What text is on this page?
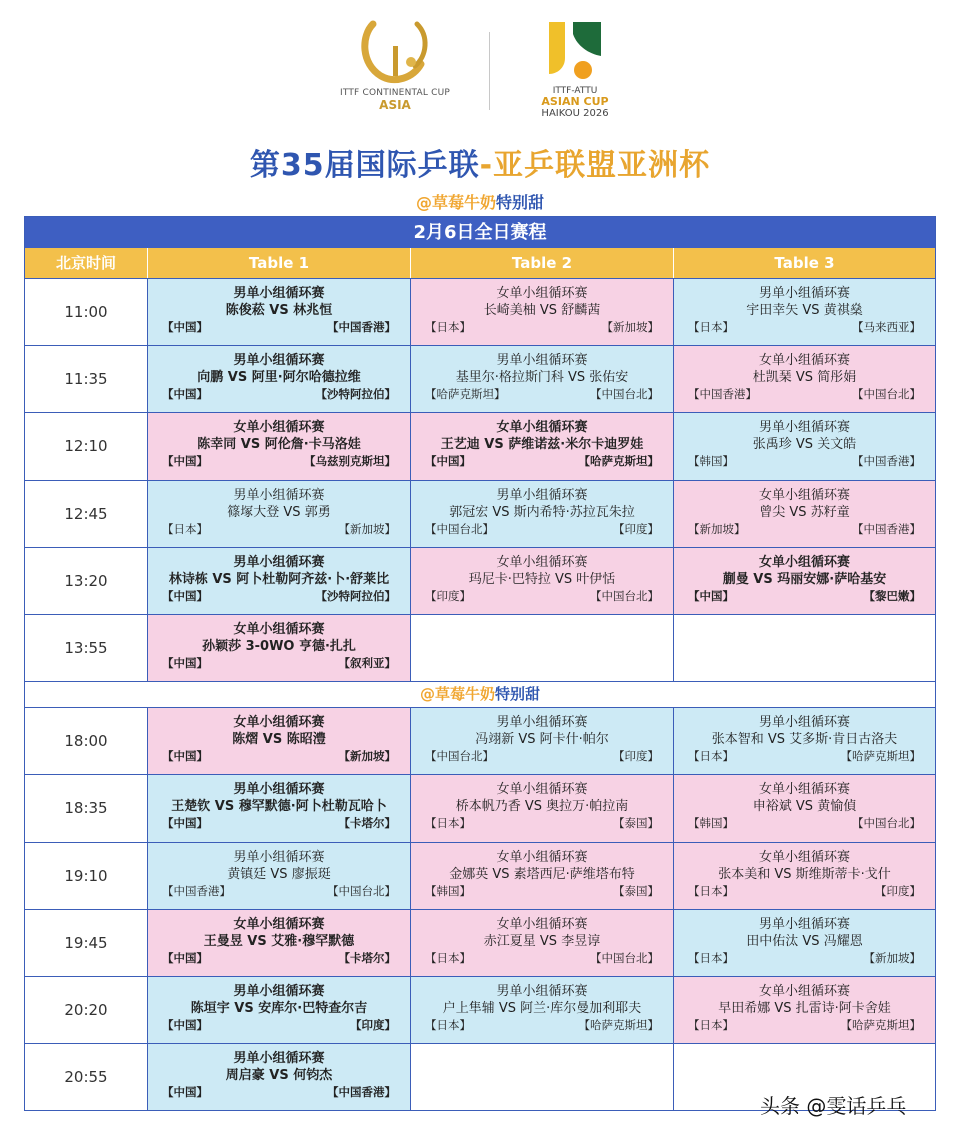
ITTF CONTINENTAL CUP
ASIA
ITTF-ATTU
ASIAN CUP
HAIKOU 2026
第35届国际乒联-亚乒联盟亚洲杯
@草莓牛奶特别甜
2月6日全日赛程
北京时间	Table 1	Table 2	Table 3
11:00
男单小组循环赛
陈俊菘 VS 林兆恒
【中国】	【中国香港】
女单小组循环赛
长崎美柚 VS 舒麟茜
【日本】	【新加坡】
男单小组循环赛
宇田幸矢 VS 黄祺燊
【日本】	【马来西亚】
11:35
男单小组循环赛
向鹏 VS 阿里·阿尔哈德拉维
【中国】	【沙特阿拉伯】
男单小组循环赛
基里尔·格拉斯门科 VS 张佑安
【哈萨克斯坦】	【中国台北】
女单小组循环赛
杜凯琹 VS 简彤娟
【中国香港】	【中国台北】
12:10
女单小组循环赛
陈幸同 VS 阿伦詹·卡马洛娃
【中国】	【乌兹别克斯坦】
女单小组循环赛
王艺迪 VS 萨维诺兹·米尔卡迪罗娃
【中国】	【哈萨克斯坦】
男单小组循环赛
张禹珍 VS 关文皓
【韩国】	【中国香港】
12:45
男单小组循环赛
篠塚大登 VS 郭勇
【日本】	【新加坡】
男单小组循环赛
郭冠宏 VS 斯内希特·苏拉瓦朱拉
【中国台北】	【印度】
女单小组循环赛
曾尖 VS 苏籽童
【新加坡】	【中国香港】
13:20
男单小组循环赛
林诗栋 VS 阿卜杜勒阿齐兹·卜·舒莱比
【中国】	【沙特阿拉伯】
女单小组循环赛
玛尼卡·巴特拉 VS 叶伊恬
【印度】	【中国台北】
女单小组循环赛
蒯曼 VS 玛丽安娜·萨哈基安
【中国】	【黎巴嫩】
13:55
女单小组循环赛
孙颖莎 3-0WO 亨德·扎扎
【中国】	【叙利亚】
@草莓牛奶特别甜
18:00
女单小组循环赛
陈熠 VS 陈昭澧
【中国】	【新加坡】
男单小组循环赛
冯翊新 VS 阿卡什·帕尔
【中国台北】	【印度】
男单小组循环赛
张本智和 VS 艾多斯·肯日古洛夫
【日本】	【哈萨克斯坦】
18:35
男单小组循环赛
王楚钦 VS 穆罕默德·阿卜杜勒瓦哈卜
【中国】	【卡塔尔】
女单小组循环赛
桥本帆乃香 VS 奥拉万·帕拉南
【日本】	【泰国】
女单小组循环赛
申裕斌 VS 黄愉偵
【韩国】	【中国台北】
19:10
男单小组循环赛
黄镇廷 VS 廖振珽
【中国香港】	【中国台北】
女单小组循环赛
金娜英 VS 素塔西尼·萨维塔布特
【韩国】	【泰国】
女单小组循环赛
张本美和 VS 斯维斯蒂卡·戈什
【日本】	【印度】
19:45
女单小组循环赛
王曼昱 VS 艾雅·穆罕默德
【中国】	【卡塔尔】
女单小组循环赛
赤江夏星 VS 李昱谆
【日本】	【中国台北】
男单小组循环赛
田中佑汰 VS 冯耀恩
【日本】	【新加坡】
20:20
男单小组循环赛
陈垣宇 VS 安库尔·巴特查尔吉
【中国】	【印度】
男单小组循环赛
户上隼辅 VS 阿兰·库尔曼加利耶夫
【日本】	【哈萨克斯坦】
女单小组循环赛
早田希娜 VS 扎雷诗·阿卡舍娃
【日本】	【哈萨克斯坦】
20:55
男单小组循环赛
周启豪 VS 何钧杰
【中国】	【中国香港】
头条 @雯话乒乓
